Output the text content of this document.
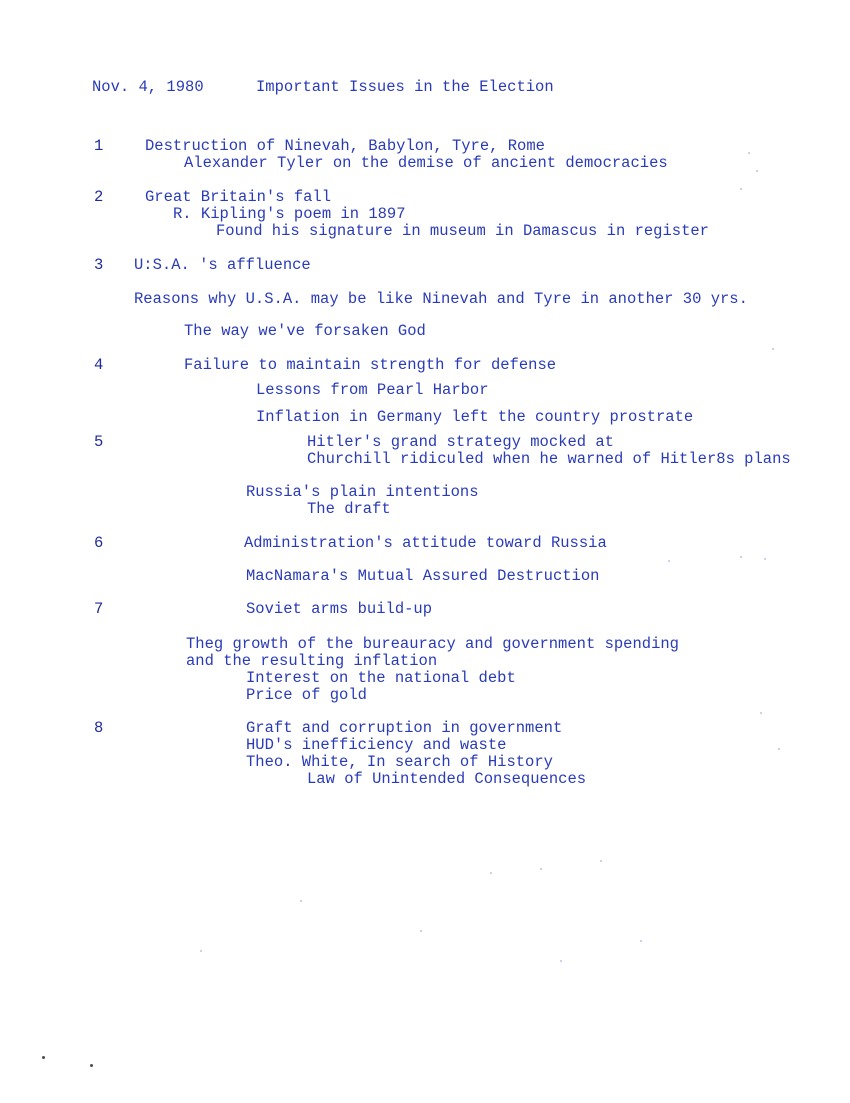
Nov. 4, 1980	Important Issues in the Election
1	Destruction of Ninevah, Babylon, Tyre, Rome
Alexander Tyler on the demise of ancient democracies
2	Great Britain's fall
R. Kipling's poem in 1897
Found his signature in museum in Damascus in register
3 U:S.A. 's affluence
Reasons why U.S.A. may be like Ninevah and Tyre in another 30 yrs.
The way we've forsaken God
4	Failure to maintain strength for defense
Lessons from Pearl Harbor
Inflation in Germany left the country prostrate
5	Hitler's grand strategy mocked at
Churchill ridiculed when he warned of Hitler8s plans
Russia's plain intentions
The draft
6	Administration's attitude toward Russia
MacNamara's Mutual Assured Destruction
7	Soviet arms build-up
Theg growth of the bureauracy and government spending
and the resulting inflation
Interest on the national debt
Price of gold
8	Graft and corruption in government
HUD's inefficiency and waste
Theo. White, In search of History
Law of Unintended Consequences
